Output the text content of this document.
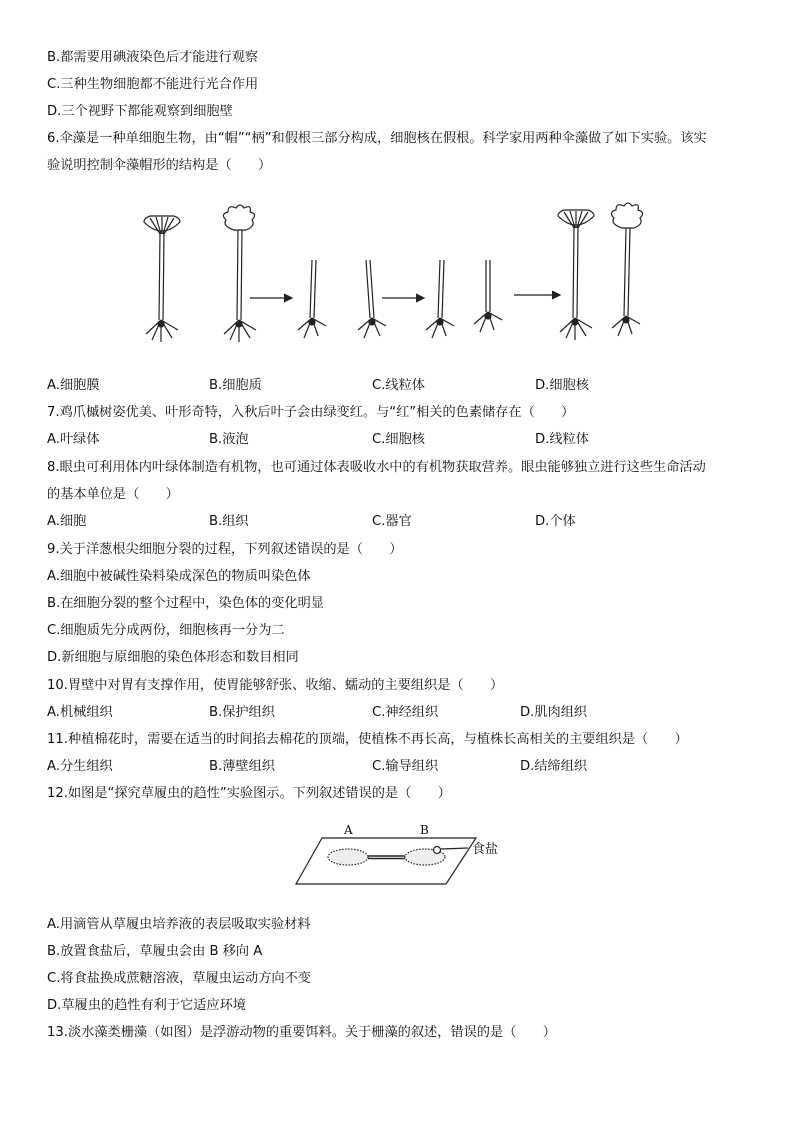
B.都需要用碘液染色后才能进行观察
C.三种生物细胞都不能进行光合作用
D.三个视野下都能观察到细胞壁
6.伞藻是一种单细胞生物，由“帽”“柄”和假根三部分构成，细胞核在假根。科学家用两种伞藻做了如下实验。该实
验说明控制伞藻帽形的结构是（　　）
A.细胞膜	B.细胞质	C.线粒体	D.细胞核
7.鸡爪槭树姿优美、叶形奇特，入秋后叶子会由绿变红。与“红”相关的色素储存在（　　）
A.叶绿体	B.液泡	C.细胞核	D.线粒体
8.眼虫可利用体内叶绿体制造有机物，也可通过体表吸收水中的有机物获取营养。眼虫能够独立进行这些生命活动
的基本单位是（　　）
A.细胞	B.组织	C.器官	D.个体
9.关于洋葱根尖细胞分裂的过程，下列叙述错误的是（　　）
A.细胞中被碱性染料染成深色的物质叫染色体
B.在细胞分裂的整个过程中，染色体的变化明显
C.细胞质先分成两份，细胞核再一分为二
D.新细胞与原细胞的染色体形态和数目相同
10.胃壁中对胃有支撑作用，使胃能够舒张、收缩、蠕动的主要组织是（　　）
A.机械组织	B.保护组织	C.神经组织	D.肌肉组织
11.种植棉花时，需要在适当的时间掐去棉花的顶端，使植株不再长高，与植株长高相关的主要组织是（　　）
A.分生组织	B.薄壁组织	C.输导组织	D.结缔组织
12.如图是“探究草履虫的趋性”实验图示。下列叙述错误的是（　　）
A	B
食盐
A.用滴管从草履虫培养液的表层吸取实验材料
B.放置食盐后，草履虫会由 B 移向 A
C.将食盐换成蔗糖溶液，草履虫运动方向不变
D.草履虫的趋性有利于它适应环境
13.淡水藻类栅藻（如图）是浮游动物的重要饵料。关于栅藻的叙述，错误的是（　　）
